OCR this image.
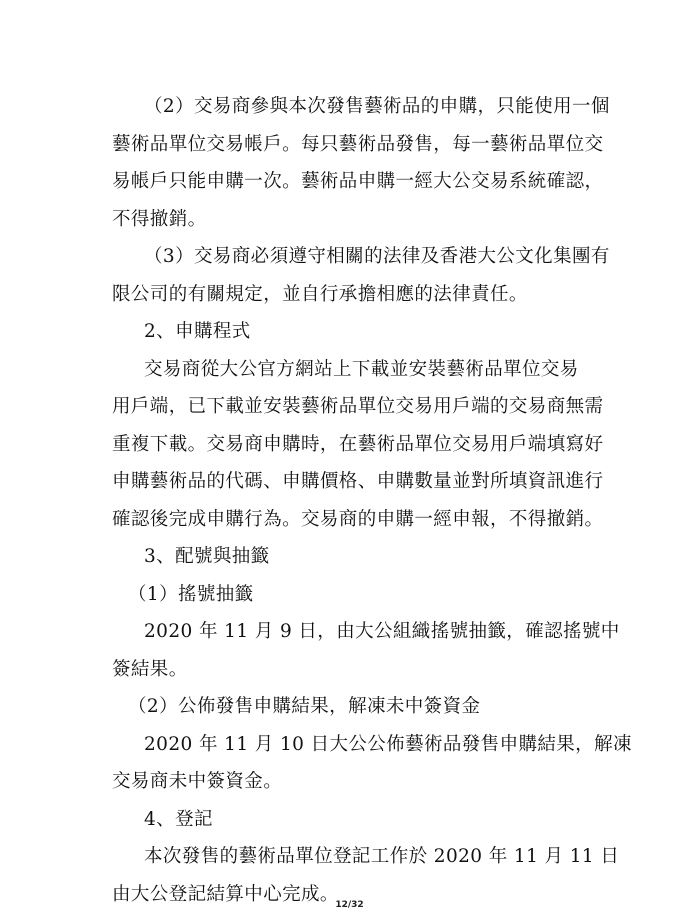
（2）交易商參與本次發售藝術品的申購，只能使用一個
藝術品單位交易帳戶。每只藝術品發售，每一藝術品單位交
易帳戶只能申購一次。藝術品申購一經大公交易系統確認，
不得撤銷。
（3）交易商必須遵守相關的法律及香港大公文化集團有
限公司的有關規定，並自行承擔相應的法律責任。
2、申購程式
交易商從大公官方網站上下載並安裝藝術品單位交易
用戶端，已下載並安裝藝術品單位交易用戶端的交易商無需
重複下載。交易商申購時，在藝術品單位交易用戶端填寫好
申購藝術品的代碼、申購價格、申購數量並對所填資訊進行
確認後完成申購行為。交易商的申購一經申報，不得撤銷。
3、配號與抽籤
（1）搖號抽籤
2020 年 11 月 9 日，由大公組織搖號抽籤，確認搖號中
簽結果。
（2）公佈發售申購結果，解凍未中簽資金
2020 年 11 月 10 日大公公佈藝術品發售申購結果，解凍
交易商未中簽資金。
4、登記
本次發售的藝術品單位登記工作於 2020 年 11 月 11 日
由大公登記結算中心完成。
12/32
